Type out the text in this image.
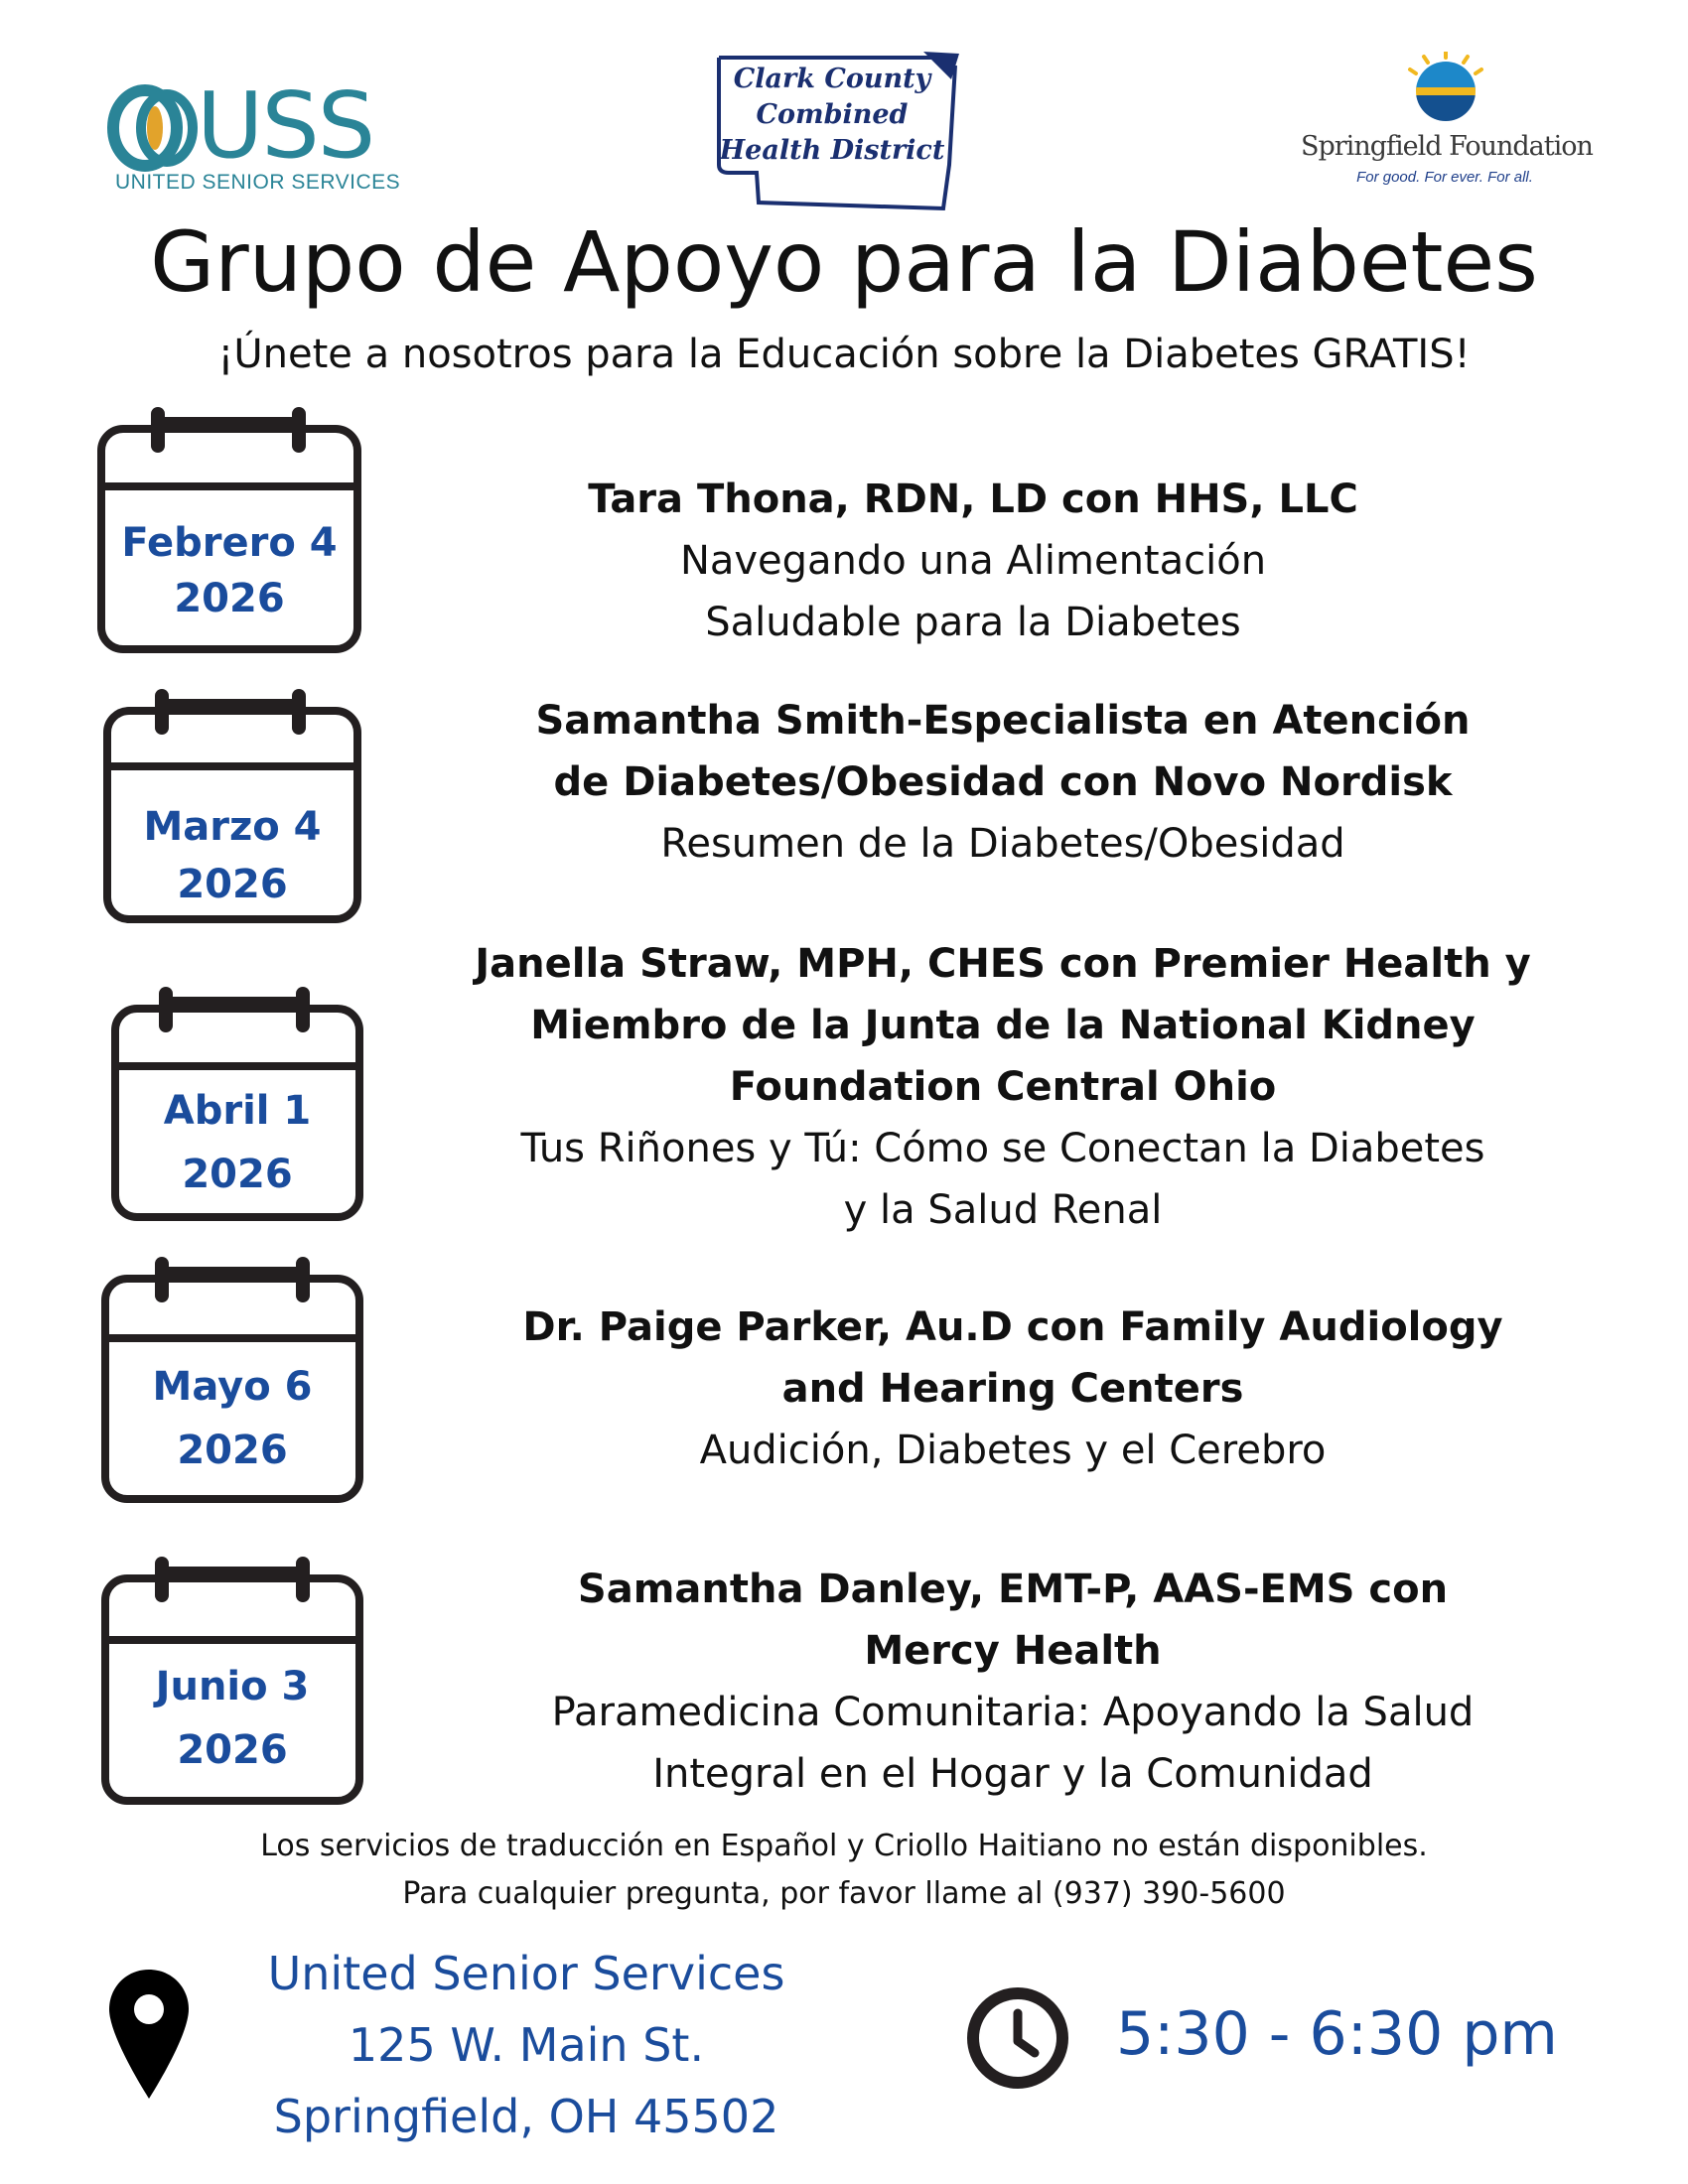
USS
UNITED SENIOR SERVICES
Clark County
Combined
Health District	Springfield Foundation
For good. For ever. For all.
Grupo de Apoyo para la Diabetes
¡Únete a nosotros para la Educación sobre la Diabetes GRATIS!
Febrero 4
2026
Tara Thona, RDN, LD con HHS, LLC
Navegando una Alimentación
Saludable para la Diabetes
Marzo 4
2026
Samantha Smith-Especialista en Atención
de Diabetes/Obesidad con Novo Nordisk
Resumen de la Diabetes/Obesidad
Abril 1
2026
Janella Straw, MPH, CHES con Premier Health y
Miembro de la Junta de la National Kidney
Foundation Central Ohio
Tus Riñones y Tú: Cómo se Conectan la Diabetes
y la Salud Renal
Mayo 6
2026
Dr. Paige Parker, Au.D con Family Audiology
and Hearing Centers
Audición, Diabetes y el Cerebro
Junio 3
2026
Samantha Danley, EMT-P, AAS-EMS con
Mercy Health
Paramedicina Comunitaria: Apoyando la Salud
Integral en el Hogar y la Comunidad
Los servicios de traducción en Español y Criollo Haitiano no están disponibles.
Para cualquier pregunta, por favor llame al (937) 390-5600
United Senior Services
125 W. Main St.
Springfield, OH 45502
5:30 - 6:30 pm
